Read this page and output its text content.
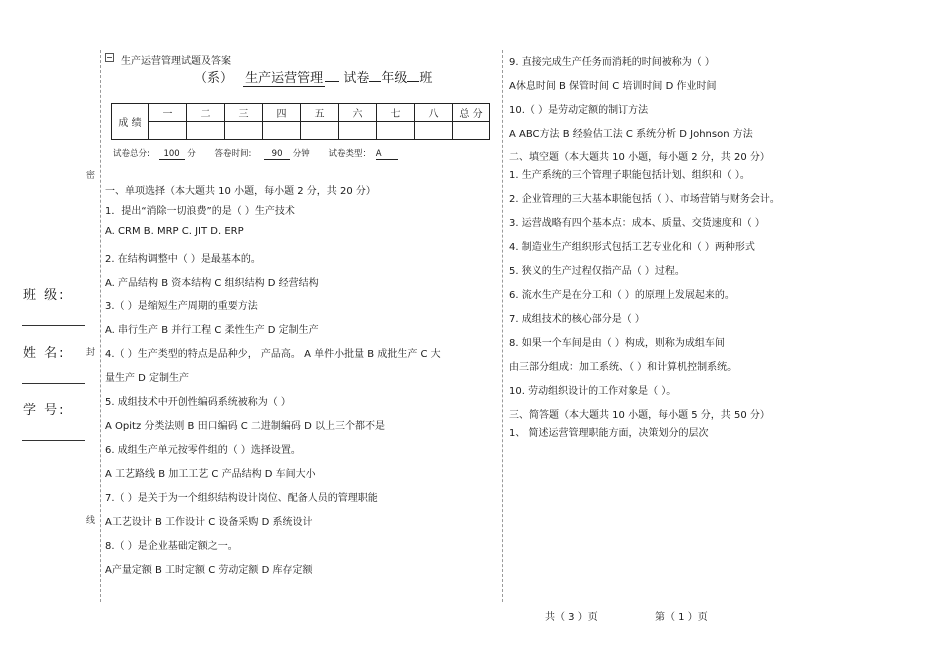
密
封
线
班 级:
姓 名:
学 号:
生产运营管理试题及答案
（系） 生产运营管理 试卷 年级 班
成 绩	一	二	三	四	五	六	七	八	总 分

试卷总分: 100 分 答卷时间: 90 分钟 试卷类型： A
一、单项选择（本大题共 10 小题，每小题 2 分，共 20 分）
1．提出“消除一切浪费”的是（ ）生产技术
A. CRM B. MRP C. JIT D. ERP
2. 在结构调整中（ ）是最基本的。
A. 产品结构 B 资本结构 C 组织结构 D 经营结构
3.（ ）是缩短生产周期的重要方法
A. 串行生产 B 并行工程 C 柔性生产 D 定制生产
4.（ ）生产类型的特点是品种少， 产品高。 A 单件小批量 B 成批生产 C 大
量生产 D 定制生产
5. 成组技术中开创性编码系统被称为（ ）
A Opitz 分类法则 B 田口编码 C 二进制编码 D 以上三个都不是
6. 成组生产单元按零件组的（ ）选择设置。
A 工艺路线 B 加工工艺 C 产品结构 D 车间大小
7.（ ）是关于为一个组织结构设计岗位、配备人员的管理职能
A工艺设计 B 工作设计 C 设备采购 D 系统设计
8.（ ）是企业基础定额之一。
A产量定额 B 工时定额 C 劳动定额 D 库存定额
9. 直接完成生产任务而消耗的时间被称为（ ）
A休息时间 B 保管时间 C 培训时间 D 作业时间
10.（ ）是劳动定额的制订方法
A ABC方法 B 经验估工法 C 系统分析 D Johnson 方法
二、填空题（本大题共 10 小题，每小题 2 分，共 20 分）
1. 生产系统的三个管理子职能包括计划、组织和（ ）。
2. 企业管理的三大基本职能包括（ ）、市场营销与财务会计。
3. 运营战略有四个基本点：成本、质量、交货速度和（ ）
4. 制造业生产组织形式包括工艺专业化和（ ）两种形式
5. 狭义的生产过程仅指产品（ ）过程。
6. 流水生产是在分工和（ ）的原理上发展起来的。
7. 成组技术的核心部分是（ ）
8. 如果一个车间是由（ ）构成，则称为成组车间
由三部分组成：加工系统、（ ）和计算机控制系统。
10. 劳动组织设计的工作对象是（ ）。
三、简答题（本大题共 10 小题，每小题 5 分，共 50 分）
1、 简述运营管理职能方面，决策划分的层次
共（ 3 ）页	第（ 1 ）页
